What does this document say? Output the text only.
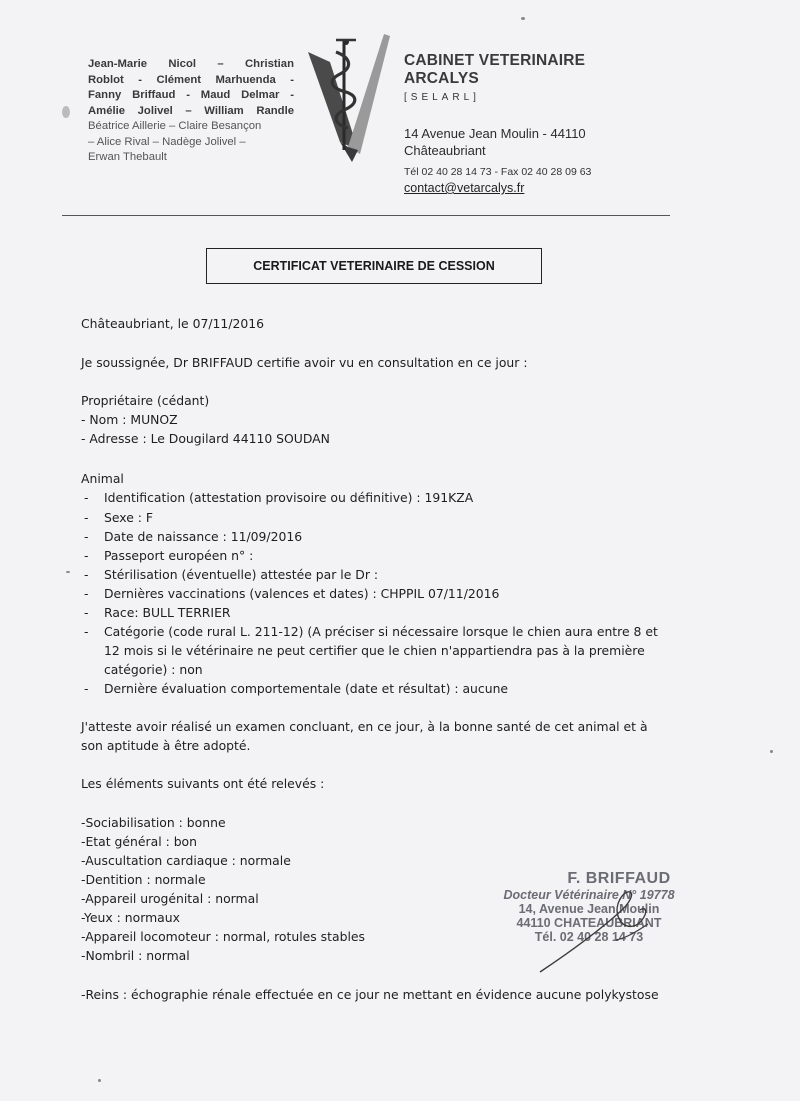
Jean-Marie Nicol – Christian
Roblot - Clément Marhuenda -
Fanny Briffaud - Maud Delmar -
Amélie Jolivel – William Randle
Béatrice Aillerie – Claire Besançon
– Alice Rival – Nadège Jolivel –
Erwan Thebault
CABINET VETERINAIRE
ARCALYS
[SELARL]
14 Avenue Jean Moulin - 44110
Châteaubriant
Tél 02 40 28 14 73 - Fax 02 40 28 09 63
contact@vetarcalys.fr
CERTIFICAT VETERINAIRE DE CESSION
Châteaubriant, le 07/11/2016
Je soussignée, Dr BRIFFAUD certifie avoir vu en consultation en ce jour :
Propriétaire (cédant)
- Nom : MUNOZ
- Adresse : Le Dougilard 44110 SOUDAN
Animal
- Identification (attestation provisoire ou définitive) : 191KZA
- Sexe : F
- Date de naissance : 11/09/2016
- Passeport européen n° :
- Stérilisation (éventuelle) attestée par le Dr :
- Dernières vaccinations (valences et dates) : CHPPIL 07/11/2016
- Race: BULL TERRIER
- Catégorie (code rural L. 211-12) (A préciser si nécessaire lorsque le chien aura entre 8 et
12 mois si le vétérinaire ne peut certifier que le chien n'appartiendra pas à la première
catégorie) : non
- Dernière évaluation comportementale (date et résultat) : aucune
J'atteste avoir réalisé un examen concluant, en ce jour, à la bonne santé de cet animal et à
son aptitude à être adopté.
Les éléments suivants ont été relevés :
-Sociabilisation : bonne
-Etat général : bon
-Auscultation cardiaque : normale
-Dentition : normale
-Appareil urogénital : normal
-Yeux : normaux
-Appareil locomoteur : normal, rotules stables
-Nombril : normal
-Reins : échographie rénale effectuée en ce jour ne mettant en évidence aucune polykystose
F. BRIFFAUD
Docteur Vétérinaire N° 19778
14, Avenue Jean Moulin
44110 CHATEAUBRIANT
Tél. 02 40 28 14 73
